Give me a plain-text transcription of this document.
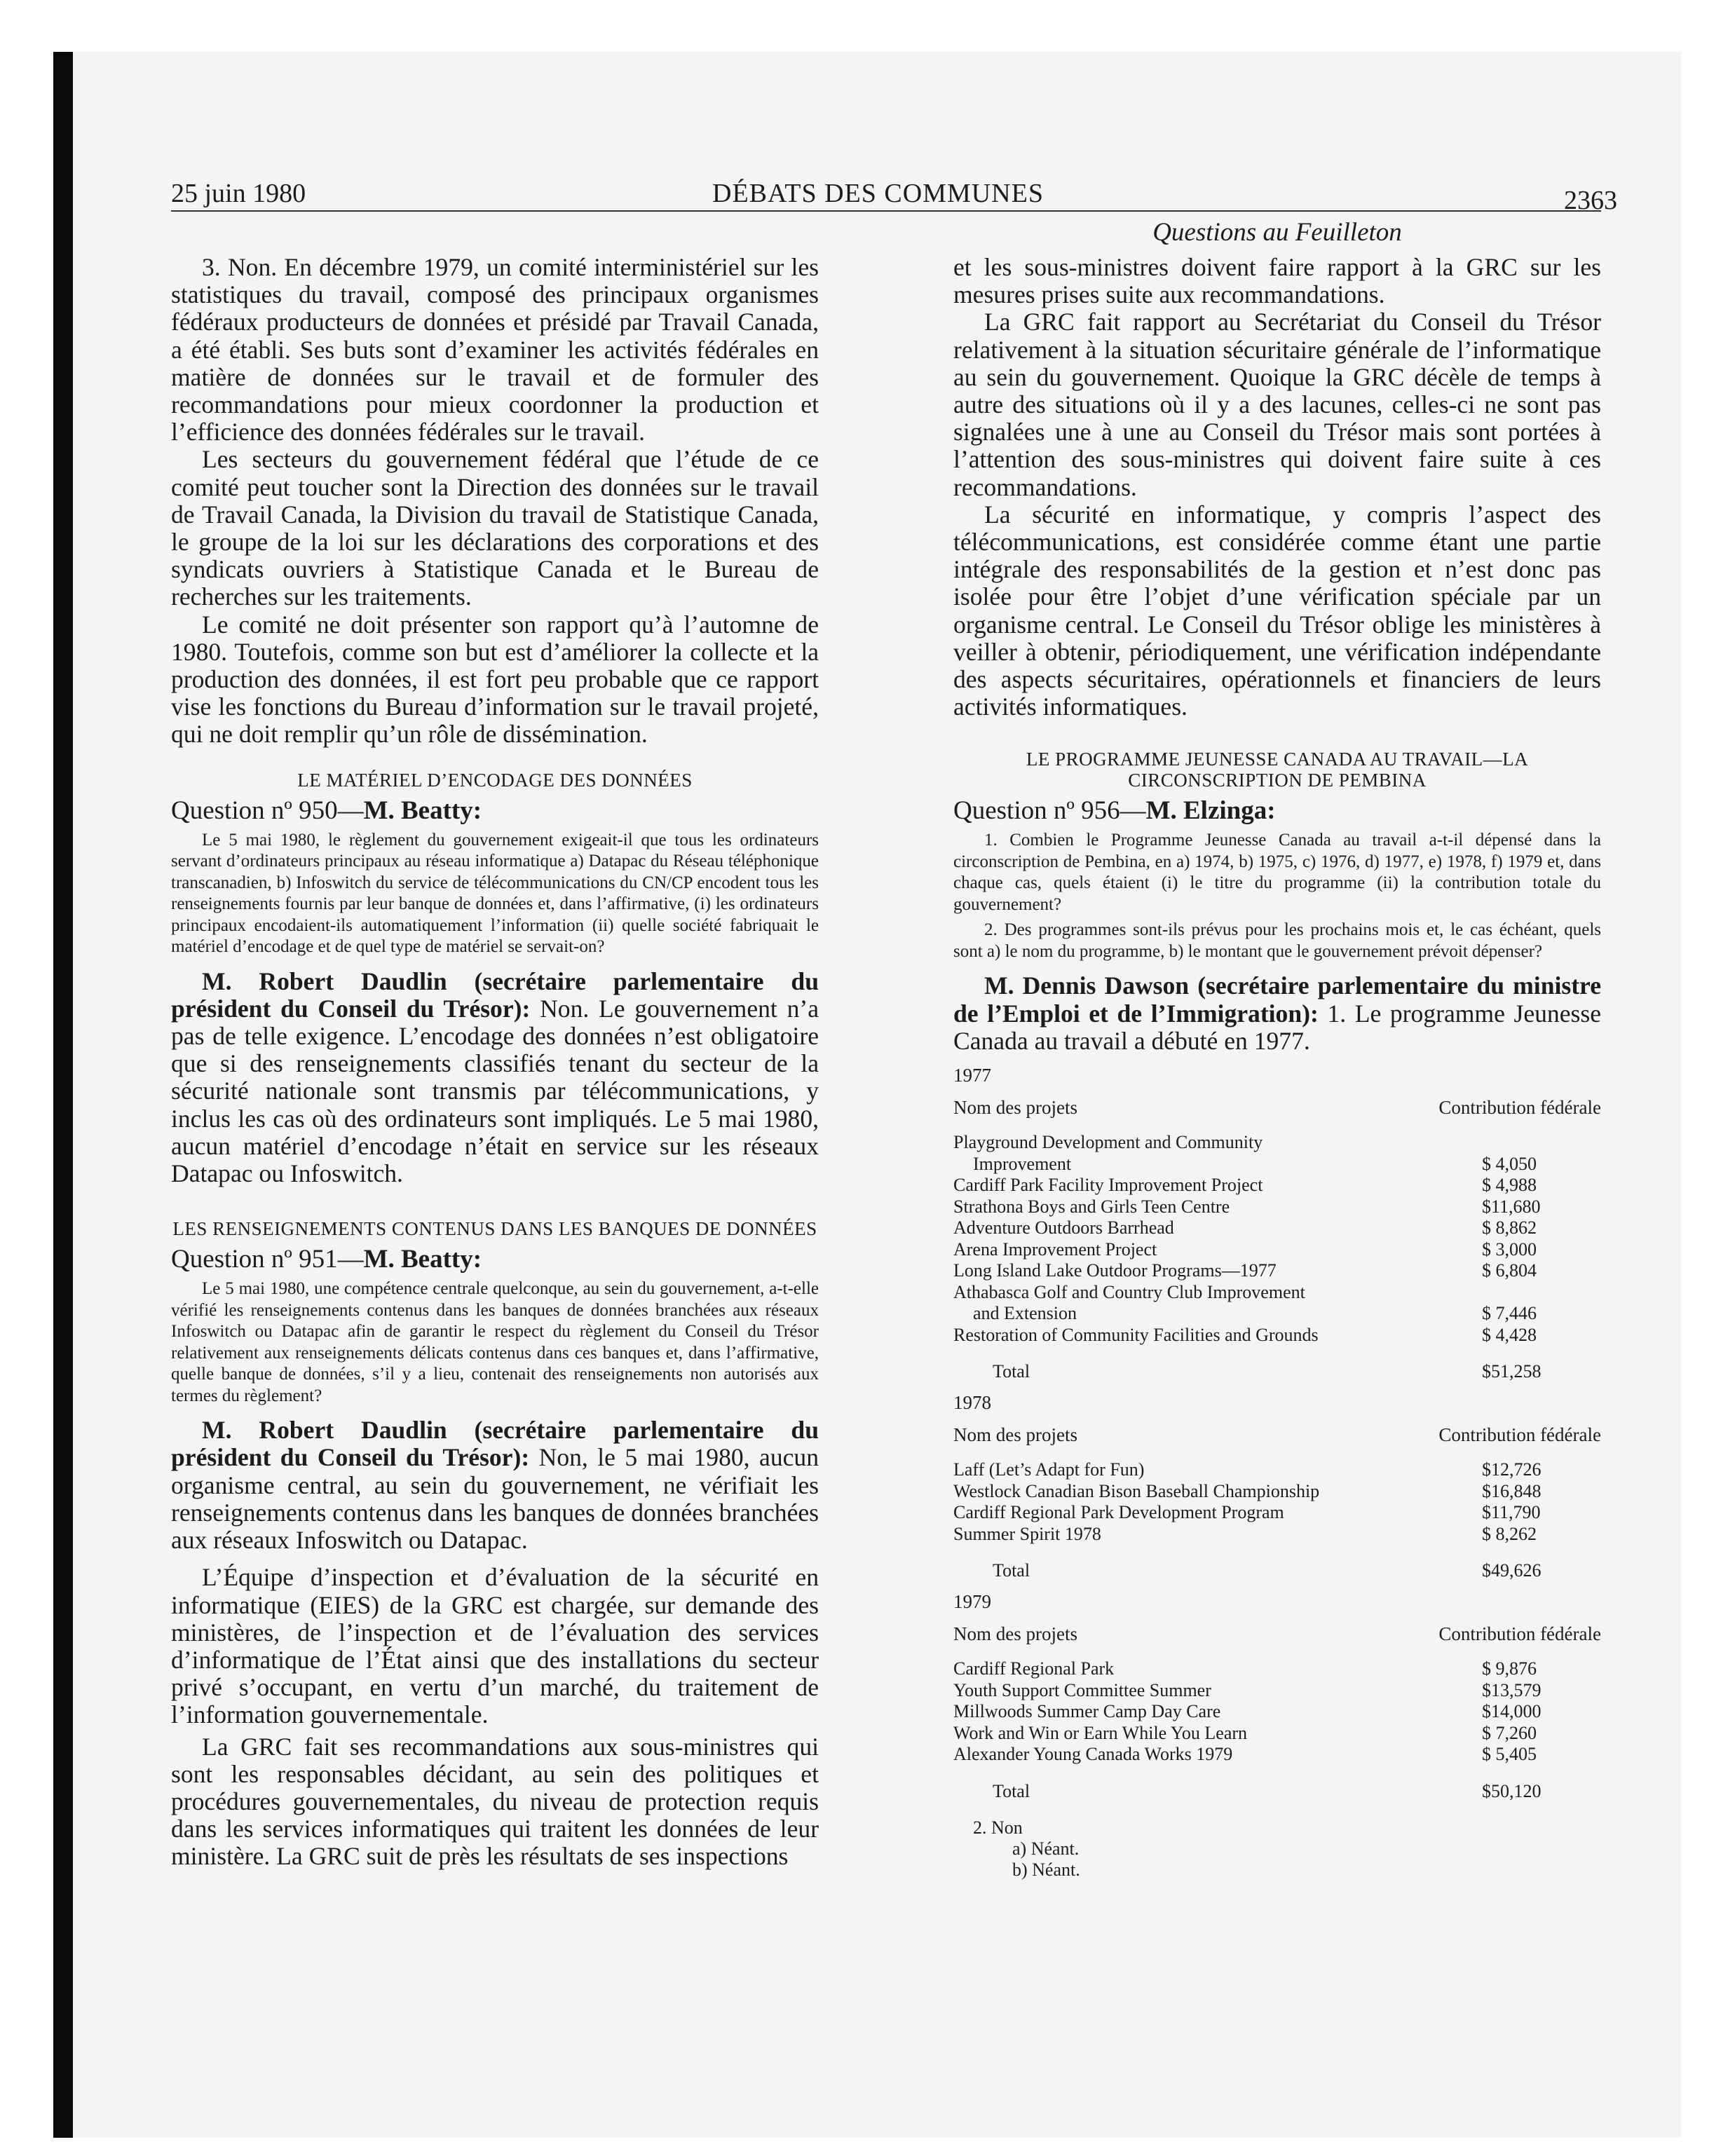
25 juin 1980	DÉBATS DES COMMUNES	2363
Questions au Feuilleton

3. Non. En décembre 1979, un comité interministériel sur les statistiques du travail, composé des principaux organismes fédéraux producteurs de données et présidé par Travail Canada, a été établi. Ses buts sont d’examiner les activités fédérales en matière de données sur le travail et de formuler des recommandations pour mieux coordonner la production et l’efficience des données fédérales sur le travail.

Les secteurs du gouvernement fédéral que l’étude de ce comité peut toucher sont la Direction des données sur le travail de Travail Canada, la Division du travail de Statistique Canada, le groupe de la loi sur les déclarations des corporations et des syndicats ouvriers à Statistique Canada et le Bureau de recherches sur les traitements.

Le comité ne doit présenter son rapport qu’à l’automne de 1980. Toutefois, comme son but est d’améliorer la collecte et la production des données, il est fort peu probable que ce rapport vise les fonctions du Bureau d’information sur le travail projeté, qui ne doit remplir qu’un rôle de dissémination.

LE MATÉRIEL D’ENCODAGE DES DONNÉES
Question nº 950—M. Beatty:

Le 5 mai 1980, le règlement du gouvernement exigeait-il que tous les ordinateurs servant d’ordinateurs principaux au réseau informatique a) Datapac du Réseau téléphonique transcanadien, b) Infoswitch du service de télécommunications du CN/CP encodent tous les renseignements fournis par leur banque de données et, dans l’affirmative, (i) les ordinateurs principaux encodaient-ils automatiquement l’information (ii) quelle société fabriquait le matériel d’encodage et de quel type de matériel se servait-on?

M. Robert Daudlin (secrétaire parlementaire du président du Conseil du Trésor): Non. Le gouvernement n’a pas de telle exigence. L’encodage des données n’est obligatoire que si des renseignements classifiés tenant du secteur de la sécurité nationale sont transmis par télécommunications, y inclus les cas où des ordinateurs sont impliqués. Le 5 mai 1980, aucun matériel d’encodage n’était en service sur les réseaux Datapac ou Infoswitch.

LES RENSEIGNEMENTS CONTENUS DANS LES BANQUES DE DONNÉES
Question nº 951—M. Beatty:

Le 5 mai 1980, une compétence centrale quelconque, au sein du gouvernement, a-t-elle vérifié les renseignements contenus dans les banques de données branchées aux réseaux Infoswitch ou Datapac afin de garantir le respect du règlement du Conseil du Trésor relativement aux renseignements délicats contenus dans ces banques et, dans l’affirmative, quelle banque de données, s’il y a lieu, contenait des renseignements non autorisés aux termes du règlement?

M. Robert Daudlin (secrétaire parlementaire du président du Conseil du Trésor): Non, le 5 mai 1980, aucun organisme central, au sein du gouvernement, ne vérifiait les renseignements contenus dans les banques de données branchées aux réseaux Infoswitch ou Datapac.

L’Équipe d’inspection et d’évaluation de la sécurité en informatique (EIES) de la GRC est chargée, sur demande des ministères, de l’inspection et de l’évaluation des services d’informatique de l’État ainsi que des installations du secteur privé s’occupant, en vertu d’un marché, du traitement de l’information gouvernementale.

La GRC fait ses recommandations aux sous-ministres qui sont les responsables décidant, au sein des politiques et procédures gouvernementales, du niveau de protection requis dans les services informatiques qui traitent les données de leur ministère. La GRC suit de près les résultats de ses inspections

et les sous-ministres doivent faire rapport à la GRC sur les mesures prises suite aux recommandations.

La GRC fait rapport au Secrétariat du Conseil du Trésor relativement à la situation sécuritaire générale de l’informatique au sein du gouvernement. Quoique la GRC décèle de temps à autre des situations où il y a des lacunes, celles-ci ne sont pas signalées une à une au Conseil du Trésor mais sont portées à l’attention des sous-ministres qui doivent faire suite à ces recommandations.

La sécurité en informatique, y compris l’aspect des télécommunications, est considérée comme étant une partie intégrale des responsabilités de la gestion et n’est donc pas isolée pour être l’objet d’une vérification spéciale par un organisme central. Le Conseil du Trésor oblige les ministères à veiller à obtenir, périodiquement, une vérification indépendante des aspects sécuritaires, opérationnels et financiers de leurs activités informatiques.

LE PROGRAMME JEUNESSE CANADA AU TRAVAIL—LA CIRCONSCRIPTION DE PEMBINA
Question nº 956—M. Elzinga:

1. Combien le Programme Jeunesse Canada au travail a-t-il dépensé dans la circonscription de Pembina, en a) 1974, b) 1975, c) 1976, d) 1977, e) 1978, f) 1979 et, dans chaque cas, quels étaient (i) le titre du programme (ii) la contribution totale du gouvernement?

2. Des programmes sont-ils prévus pour les prochains mois et, le cas échéant, quels sont a) le nom du programme, b) le montant que le gouvernement prévoit dépenser?

M. Dennis Dawson (secrétaire parlementaire du ministre de l’Emploi et de l’Immigration): 1. Le programme Jeunesse Canada au travail a débuté en 1977.

1977
Nom des projets	Contribution fédérale
Playground Development and Community
Improvement	$ 4,050
Cardiff Park Facility Improvement Project	$ 4,988
Strathona Boys and Girls Teen Centre	$11,680
Adventure Outdoors Barrhead	$ 8,862
Arena Improvement Project	$ 3,000
Long Island Lake Outdoor Programs—1977	$ 6,804
Athabasca Golf and Country Club Improvement
and Extension	$ 7,446
Restoration of Community Facilities and Grounds	$ 4,428
Total	$51,258
1978
Nom des projets	Contribution fédérale
Laff (Let’s Adapt for Fun)	$12,726
Westlock Canadian Bison Baseball Championship	$16,848
Cardiff Regional Park Development Program	$11,790
Summer Spirit 1978	$ 8,262
Total	$49,626
1979
Nom des projets	Contribution fédérale
Cardiff Regional Park	$ 9,876
Youth Support Committee Summer	$13,579
Millwoods Summer Camp Day Care	$14,000
Work and Win or Earn While You Learn	$ 7,260
Alexander Young Canada Works 1979	$ 5,405
Total	$50,120
2. Non
a) Néant.
b) Néant.
